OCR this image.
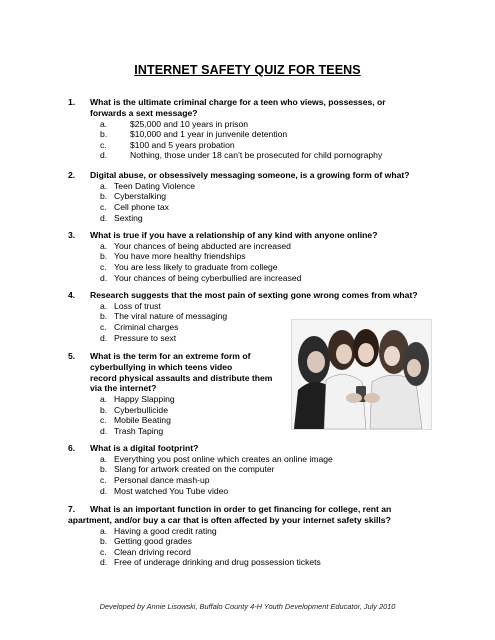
INTERNET SAFETY QUIZ FOR TEENS
1. What is the ultimate criminal charge for a teen who views, possesses, or
forwards a sext message?
a.	$25,000 and 10 years in prison
b.	$10,000 and 1 year in junvenile detention
c.	$100 and 5 years probation
d.	Nothing, those under 18 can’t be prosecuted for child pornography
2. Digital abuse, or obsessively messaging someone, is a growing form of what?
a. Teen Dating Violence
b. Cyberstalking
c. Cell phone tax
d. Sexting
3. What is true if you have a relationship of any kind with anyone online?
a. Your chances of being abducted are increased
b. You have more healthy friendships
c. You are less likely to graduate from college
d. Your chances of being cyberbullied are increased
4. Research suggests that the most pain of sexting gone wrong comes from what?
a. Loss of trust
b. The viral nature of messaging
c. Criminal charges
d. Pressure to sext
5. What is the term for an extreme form of
cyberbullying in which teens video
record physical assaults and distribute them
via the internet?
a. Happy Slapping
b. Cyberbullicide
c. Mobile Beating
d. Trash Taping
6. What is a digital footprint?
a. Everything you post online which creates an online image
b. Slang for artwork created on the computer
c. Personal dance mash-up
d. Most watched You Tube video
7. What is an important function in order to get financing for college, rent an
apartment, and/or buy a car that is often affected by your internet safety skills?
a. Having a good credit rating
b. Getting good grades
c. Clean driving record
d. Free of underage drinking and drug possession tickets
Developed by Annie Lisowski, Buffalo County 4-H Youth Development Educator, July 2010
